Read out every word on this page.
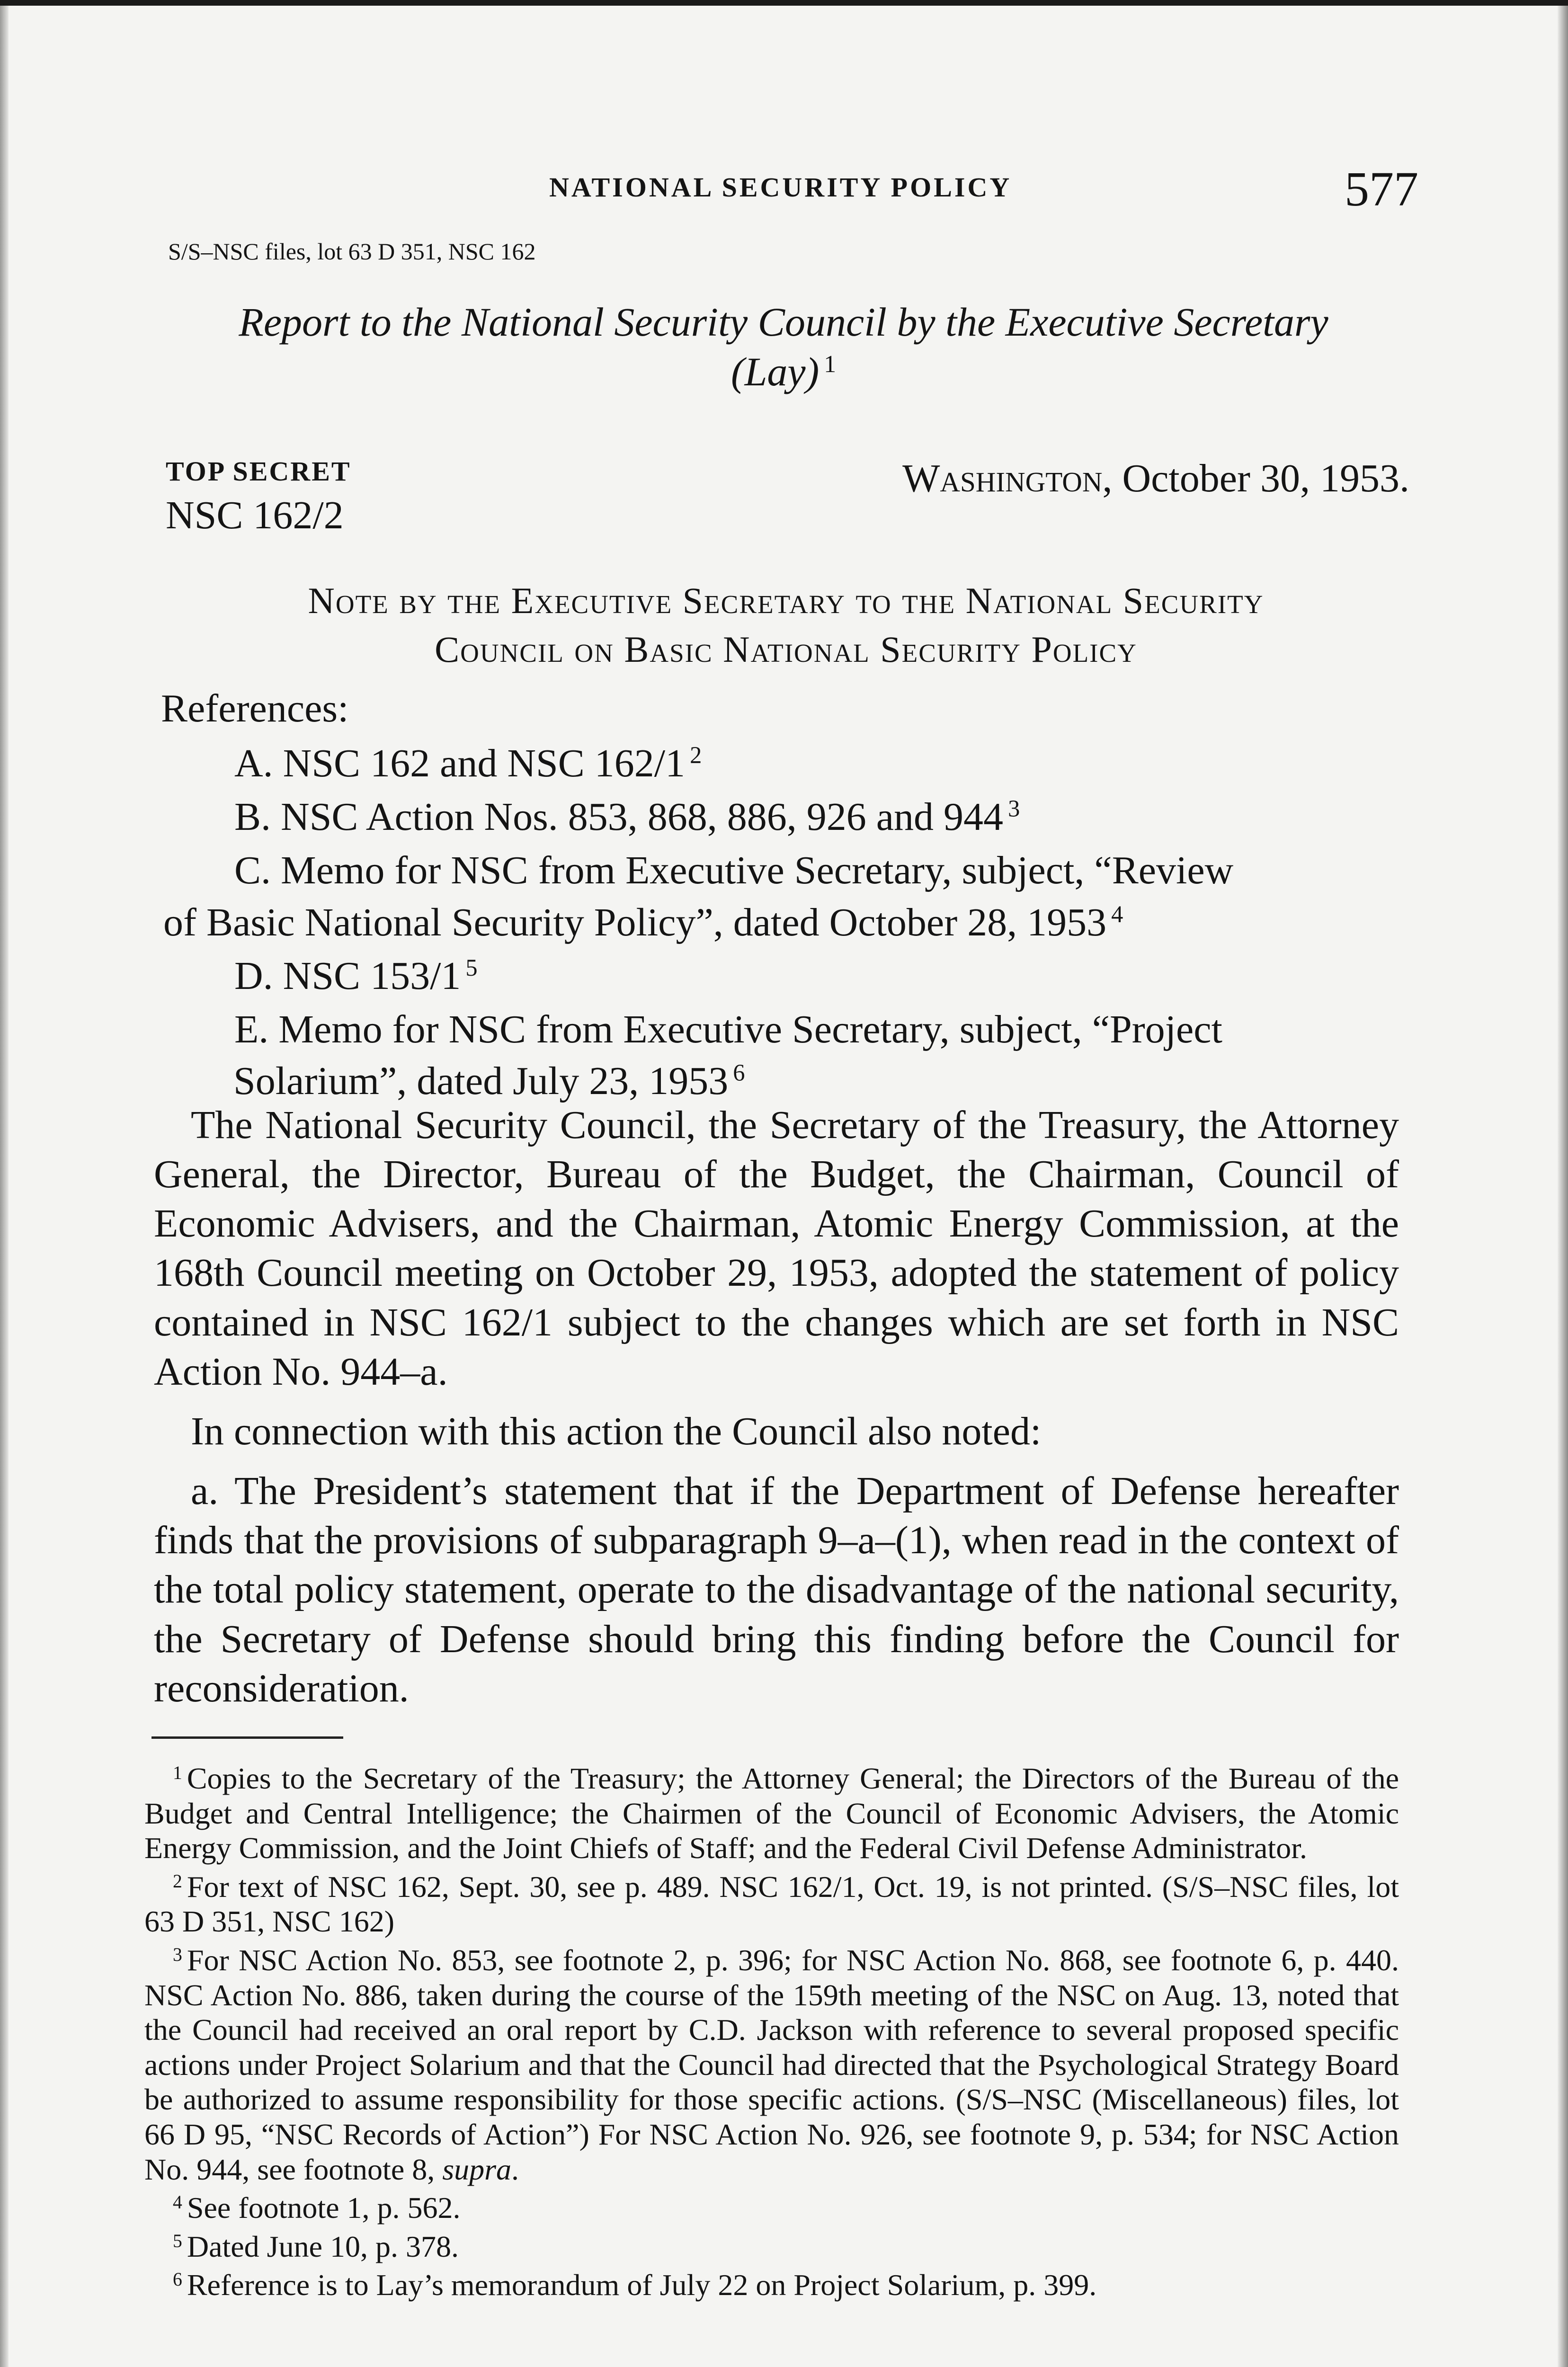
NATIONAL SECURITY POLICY	577
S/S–NSC files, lot 63 D 351, NSC 162
Report to the National Security Council by the Executive Secretary
(Lay) $^1$
TOP SECRET
NSC 162/2
Washington, October 30, 1953.
Note by the Executive Secretary to the National Security
Council on Basic National Security Policy
References:
A. NSC 162 and NSC 162/1 $^2$
B. NSC Action Nos. 853, 868, 886, 926 and 944 $^3$
C. Memo for NSC from Executive Secretary, subject, “Review
of Basic National Security Policy”, dated October 28, 1953 $^4$
D. NSC 153/1 $^5$
E. Memo for NSC from Executive Secretary, subject, “Project
Solarium”, dated July 23, 1953 $^6$

The National Security Council, the Secretary of the Treasury, the Attorney General, the Director, Bureau of the Budget, the Chairman, Council of Economic Advisers, and the Chairman, Atomic Energy Commission, at the 168th Council meeting on October 29, 1953, adopted the statement of policy contained in NSC 162/1 subject to the changes which are set forth in NSC Action No. 944–a.

In connection with this action the Council also noted:

a. The President’s statement that if the Department of Defense hereafter finds that the provisions of subparagraph 9–a–(1), when read in the context of the total policy statement, operate to the disadvantage of the national security, the Secretary of Defense should bring this finding before the Council for reconsideration.

$^1$ Copies to the Secretary of the Treasury; the Attorney General; the Directors of the Bureau of the Budget and Central Intelligence; the Chairmen of the Council of Economic Advisers, the Atomic Energy Commission, and the Joint Chiefs of Staff; and the Federal Civil Defense Administrator.

$^2$ For text of NSC 162, Sept. 30, see p. 489. NSC 162/1, Oct. 19, is not printed. (S/S–NSC files, lot 63 D 351, NSC 162)

$^3$ For NSC Action No. 853, see footnote 2, p. 396; for NSC Action No. 868, see footnote 6, p. 440. NSC Action No. 886, taken during the course of the 159th meeting of the NSC on Aug. 13, noted that the Council had received an oral report by C.D. Jackson with reference to several proposed specific actions under Project Solarium and that the Council had directed that the Psychological Strategy Board be authorized to assume responsibility for those specific actions. (S/S–NSC (Miscellaneous) files, lot 66 D 95, “NSC Records of Action”) For NSC Action No. 926, see footnote 9, p. 534; for NSC Action No. 944, see footnote 8, supra.

$^4$ See footnote 1, p. 562.

$^5$ Dated June 10, p. 378.

$^6$ Reference is to Lay’s memorandum of July 22 on Project Solarium, p. 399.
